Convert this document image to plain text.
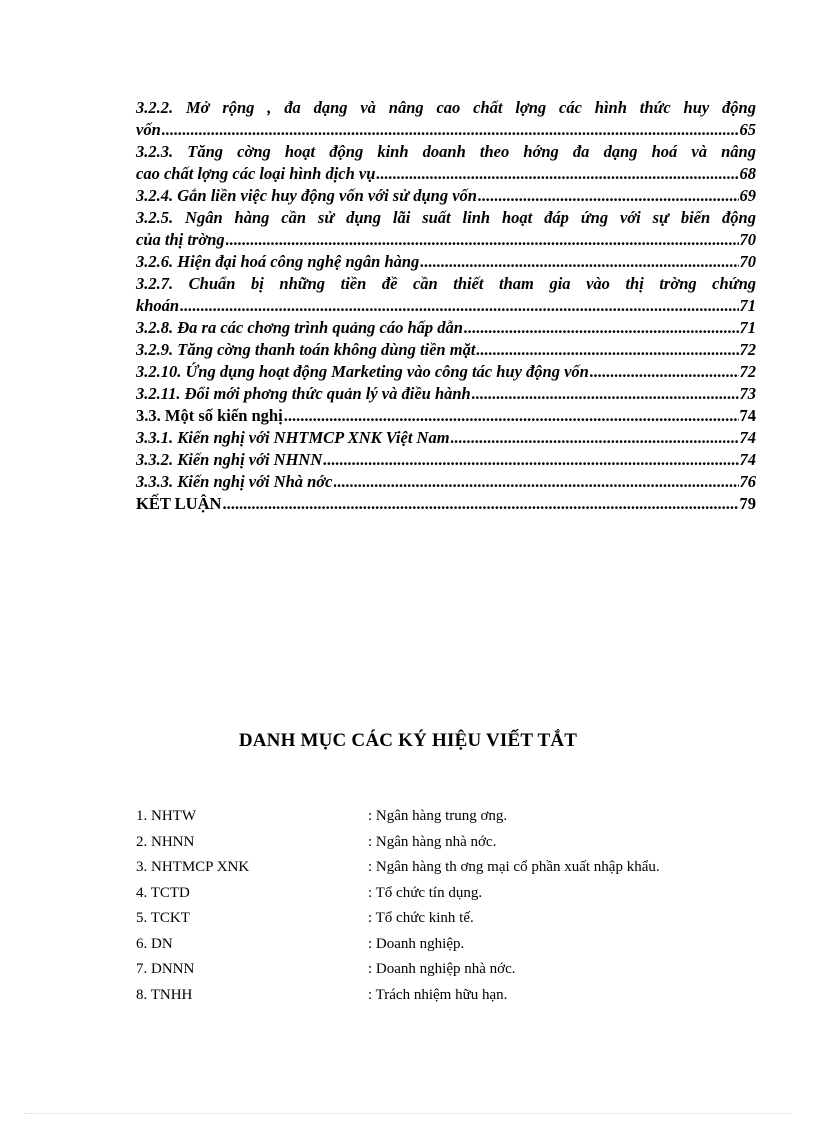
3.2.2. Mở rộng , đa dạng và nâng cao chất lợng các hình thức huy động
vốn .....	65
3.2.3. Tăng cờng hoạt động kinh doanh theo hớng đa dạng hoá và nâng
cao chất lợng các loại hình dịch vụ .....	68
3.2.4. Gắn liền việc huy động vốn với sử dụng vốn .....	69
3.2.5. Ngân hàng cần sử dụng lãi suất linh hoạt đáp ứng với sự biến động
của thị trờng .....	70
3.2.6. Hiện đại hoá công nghệ ngân hàng .....	70
3.2.7. Chuẩn bị những tiền đề cần thiết tham gia vào thị trờng chứng
khoán .....	71
3.2.8. Đa ra các chơng trình quảng cáo hấp dẫn .....	71
3.2.9. Tăng cờng thanh toán không dùng tiền mặt .....	72
3.2.10. Ứng dụng hoạt động Marketing vào công tác huy động vốn .....	72
3.2.11. Đổi mới phơng thức quản lý và điều hành .....	73
3.3. Một số kiến nghị .....	74
3.3.1. Kiến nghị với NHTMCP XNK Việt Nam .....	74
3.3.2. Kiến nghị với NHNN .....	74
3.3.3. Kiến nghị với Nhà nớc .....	76
KẾT LUẬN .....	79
DANH MỤC CÁC KÝ HIỆU VIẾT TẮT
1. NHTW	: Ngân hàng trung ơng.
2. NHNN	: Ngân hàng nhà nớc.
3. NHTMCP XNK	: Ngân hàng th ơng mại cổ phần xuất nhập khẩu.
4. TCTD	: Tổ chức tín dụng.
5. TCKT	: Tổ chức kinh tế.
6. DN	: Doanh nghiệp.
7. DNNN	: Doanh nghiệp nhà nớc.
8. TNHH	: Trách nhiệm hữu hạn.
